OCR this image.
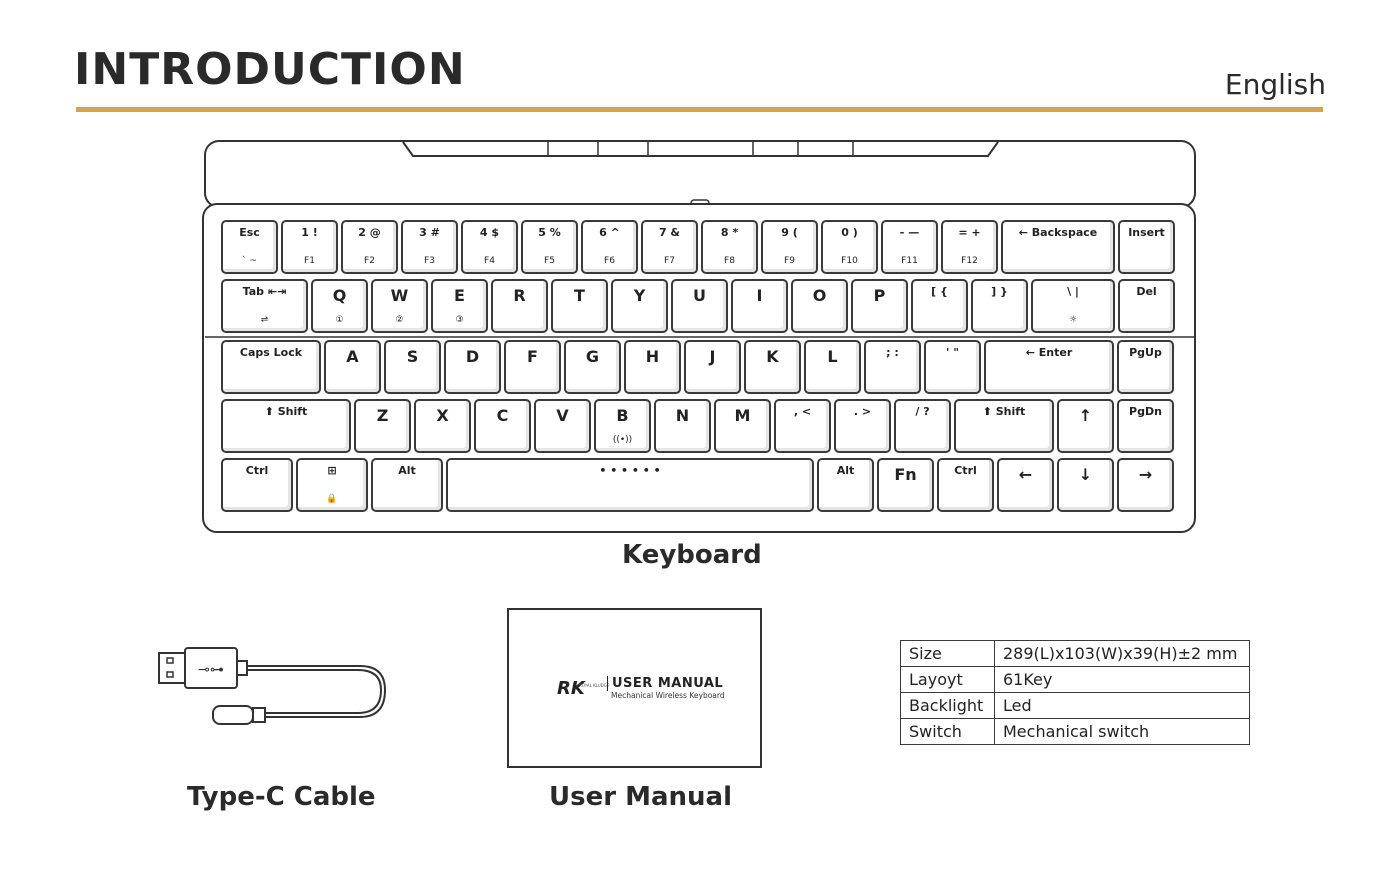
INTRODUCTION	English
Esc
` ~
1 !
F1
2 @
F2
3 #
F3
4 $
F4
5 %
F5
6 ^
F6
7 &
F7
8 *
F8
9 (
F9
0 )
F10
- —
F11
= +
F12
← Backspace	Insert
Tab ⇤⇥
⇌
Q
①
W
②
E
③
R	T	Y	U	I	O	P	[ {	] }	\ |
☼
Del
Caps Lock	A	S	D	F	G	H	J	K	L	; :	' "	← Enter	PgUp
⬆ Shift	Z	X	C	V	B
((•))
N	M	, <	. >	/ ?	⬆ Shift	↑	PgDn
Ctrl	⊞
🔒
Alt	• • • • • •	Alt	Fn	Ctrl	←	↓	→
Keyboard
⊸⊶
Type-C Cable
RK
ROYAL KLUDGE USER MANUAL
Mechanical Wireless Keyboard
User Manual
Size	289(L)x103(W)x39(H)±2 mm
Layoyt	61Key
Backlight	Led
Switch	Mechanical switch
